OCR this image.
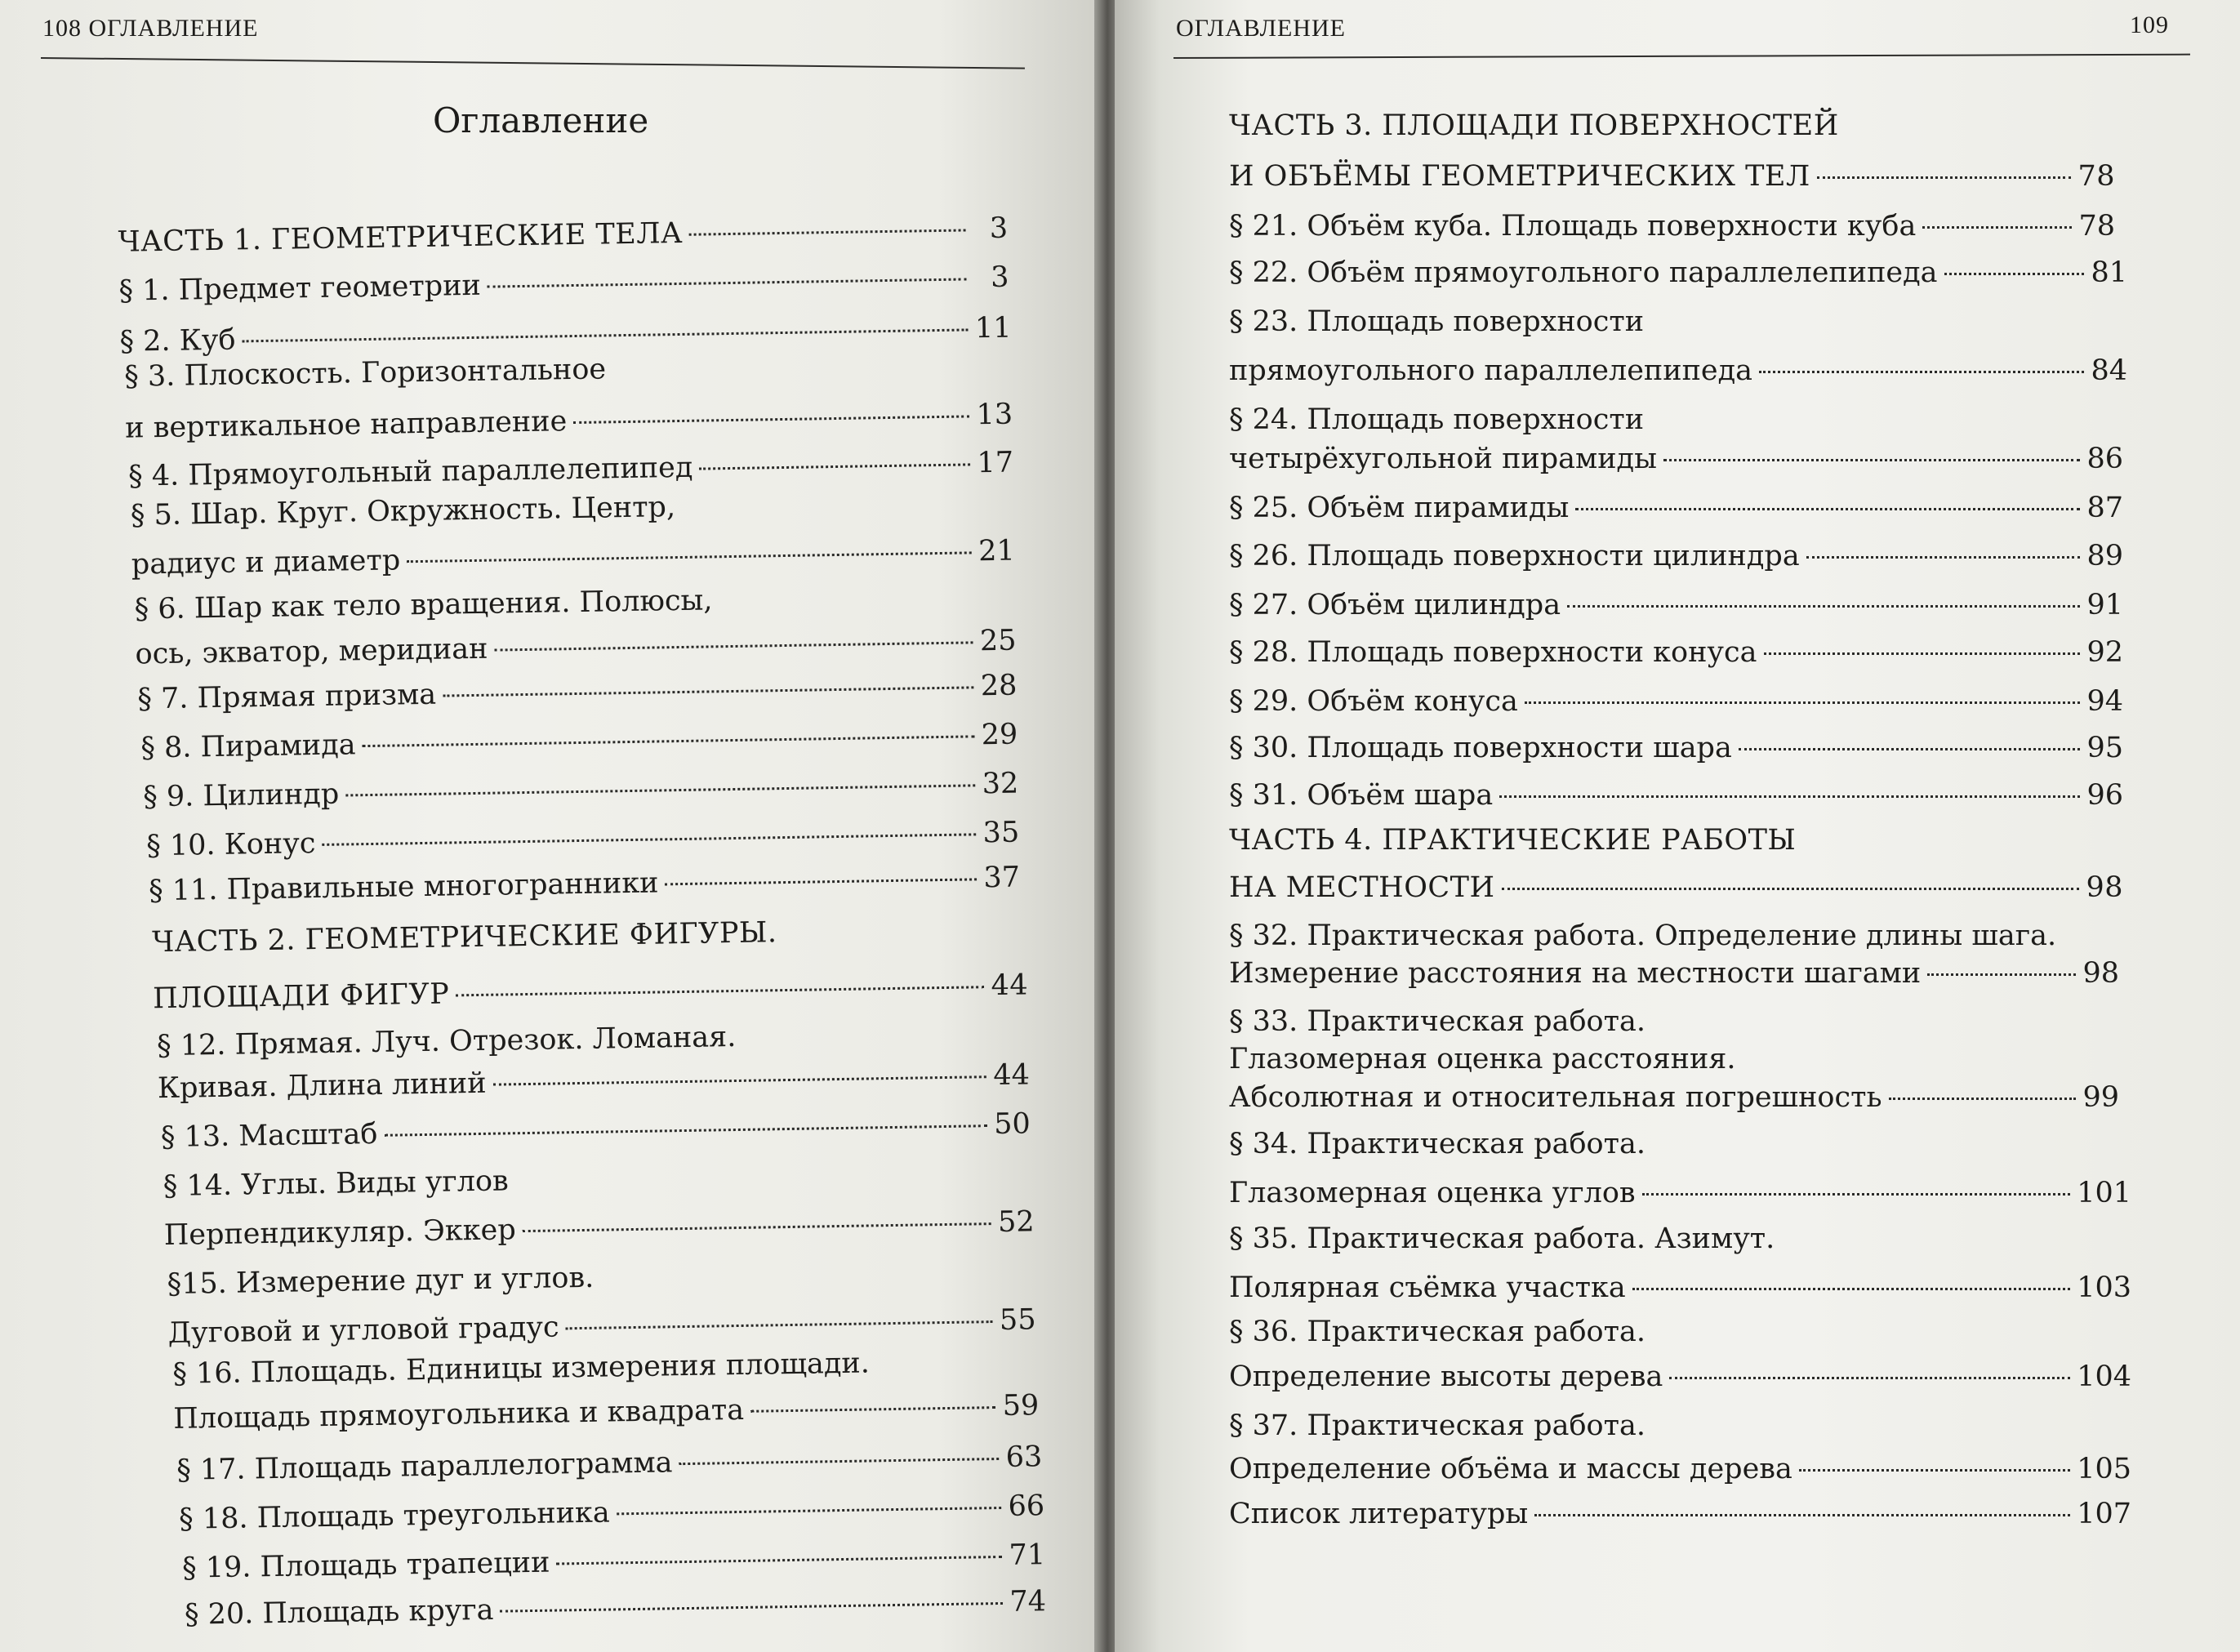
108 ОГЛАВЛЕНИЕ
Оглавление
ЧАСТЬ 1. ГЕОМЕТРИЧЕСКИЕ ТЕЛА	3
§ 1. Предмет геометрии	3
§ 2. Куб	11
§ 3. Плоскость. Горизонтальное
и вертикальное направление	13
§ 4. Прямоугольный параллелепипед	17
§ 5. Шар. Круг. Окружность. Центр,
радиус и диаметр	21
§ 6. Шар как тело вращения. Полюсы,
ось, экватор, меридиан	25
§ 7. Прямая призма	28
§ 8. Пирамида	29
§ 9. Цилиндр	32
§ 10. Конус	35
§ 11. Правильные многогранники	37
ЧАСТЬ 2. ГЕОМЕТРИЧЕСКИЕ ФИГУРЫ.
ПЛОЩАДИ ФИГУР	44
§ 12. Прямая. Луч. Отрезок. Ломаная.
Кривая. Длина линий	44
§ 13. Масштаб	50
§ 14. Углы. Виды углов
Перпендикуляр. Эккер	52
§15. Измерение дуг и углов.
Дуговой и угловой градус	55
§ 16. Площадь. Единицы измерения площади.
Площадь прямоугольника и квадрата	59
§ 17. Площадь параллелограмма	63
§ 18. Площадь треугольника	66
§ 19. Площадь трапеции	71
§ 20. Площадь круга	74
ОГЛАВЛЕНИЕ	109
ЧАСТЬ 3. ПЛОЩАДИ ПОВЕРХНОСТЕЙ
И ОБЪЁМЫ ГЕОМЕТРИЧЕСКИХ ТЕЛ	78
§ 21. Объём куба. Площадь поверхности куба	78
§ 22. Объём прямоугольного параллелепипеда	81
§ 23. Площадь поверхности
прямоугольного параллелепипеда	84
§ 24. Площадь поверхности
четырёхугольной пирамиды	86
§ 25. Объём пирамиды	87
§ 26. Площадь поверхности цилиндра	89
§ 27. Объём цилиндра	91
§ 28. Площадь поверхности конуса	92
§ 29. Объём конуса	94
§ 30. Площадь поверхности шара	95
§ 31. Объём шара	96
ЧАСТЬ 4. ПРАКТИЧЕСКИЕ РАБОТЫ
НА МЕСТНОСТИ	98
§ 32. Практическая работа. Определение длины шага.
Измерение расстояния на местности шагами	98
§ 33. Практическая работа.
Глазомерная оценка расстояния.
Абсолютная и относительная погрешность	99
§ 34. Практическая работа.
Глазомерная оценка углов	101
§ 35. Практическая работа. Азимут.
Полярная съёмка участка	103
§ 36. Практическая работа.
Определение высоты дерева	104
§ 37. Практическая работа.
Определение объёма и массы дерева	105
Список литературы	107
